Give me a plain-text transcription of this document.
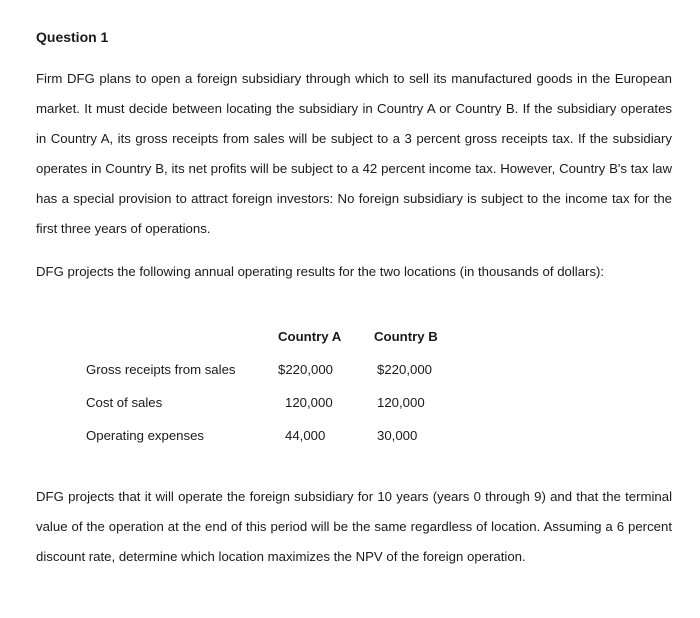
Question 1

Firm DFG plans to open a foreign subsidiary through which to sell its manufactured goods in the European market. It must decide between locating the subsidiary in Country A or Country B. If the subsidiary operates in Country A, its gross receipts from sales will be subject to a 3 percent gross receipts tax. If the subsidiary operates in Country B, its net profits will be subject to a 42 percent income tax. However, Country B's tax law has a special provision to attract foreign investors: No foreign subsidiary is subject to the income tax for the first three years of operations.

DFG projects the following annual operating results for the two locations (in thousands of dollars):

	Country A	Country B
Gross receipts from sales	$220,000	$220,000
Cost of sales	120,000	120,000
Operating expenses	44,000	30,000

DFG projects that it will operate the foreign subsidiary for 10 years (years 0 through 9) and that the terminal value of the operation at the end of this period will be the same regardless of location. Assuming a 6 percent discount rate, determine which location maximizes the NPV of the foreign operation.
